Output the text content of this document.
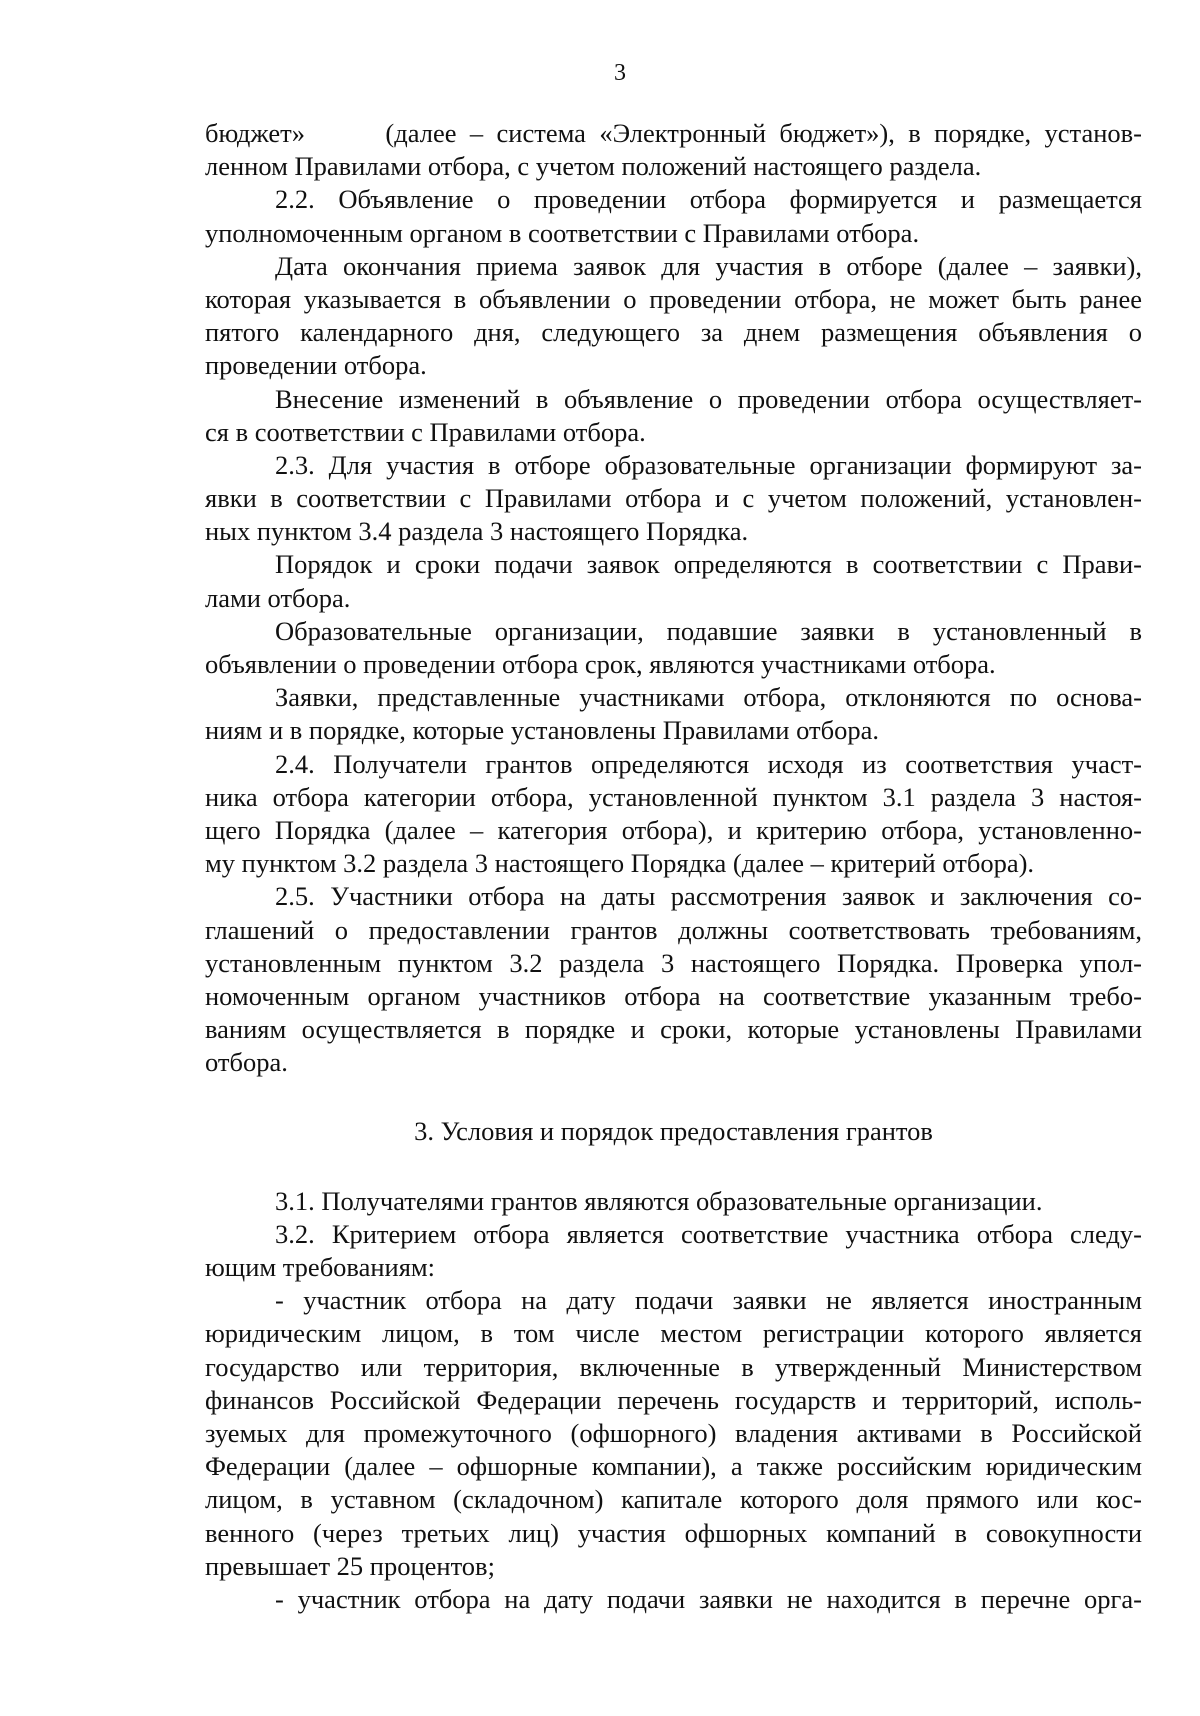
3
бюджет»      (далее – система «Электронный бюджет»), в порядке, установ-
ленном Правилами отбора, с учетом положений настоящего раздела.
2.2. Объявление о проведении отбора формируется и размещается
уполномоченным органом в соответствии с Правилами отбора.
Дата окончания приема заявок для участия в отборе (далее – заявки),
которая указывается в объявлении о проведении отбора, не может быть ранее
пятого календарного дня, следующего за днем размещения объявления о
проведении отбора.
Внесение изменений в объявление о проведении отбора осуществляет-
ся в соответствии с Правилами отбора.
2.3. Для участия в отборе образовательные организации формируют за-
явки в соответствии с Правилами отбора и с учетом положений, установлен-
ных пунктом 3.4 раздела 3 настоящего Порядка.
Порядок и сроки подачи заявок определяются в соответствии с Прави-
лами отбора.
Образовательные организации, подавшие заявки в установленный в
объявлении о проведении отбора срок, являются участниками отбора.
Заявки, представленные участниками отбора, отклоняются по основа-
ниям и в порядке, которые установлены Правилами отбора.
2.4. Получатели грантов определяются исходя из соответствия участ-
ника отбора категории отбора, установленной пунктом 3.1 раздела 3 настоя-
щего Порядка (далее – категория отбора), и критерию отбора, установленно-
му пунктом 3.2 раздела 3 настоящего Порядка (далее – критерий отбора).
2.5. Участники отбора на даты рассмотрения заявок и заключения со-
глашений о предоставлении грантов должны соответствовать требованиям,
установленным пунктом 3.2 раздела 3 настоящего Порядка. Проверка упол-
номоченным органом участников отбора на соответствие указанным требо-
ваниям осуществляется в порядке и сроки, которые установлены Правилами
отбора.
3. Условия и порядок предоставления грантов
3.1. Получателями грантов являются образовательные организации.
3.2. Критерием отбора является соответствие участника отбора следу-
ющим требованиям:
- участник отбора на дату подачи заявки не является иностранным
юридическим лицом, в том числе местом регистрации которого является
государство или территория, включенные в утвержденный Министерством
финансов Российской Федерации перечень государств и территорий, исполь-
зуемых для промежуточного (офшорного) владения активами в Российской
Федерации (далее – офшорные компании), а также российским юридическим
лицом, в уставном (складочном) капитале которого доля прямого или кос-
венного (через третьих лиц) участия офшорных компаний в совокупности
превышает 25 процентов;
- участник отбора на дату подачи заявки не находится в перечне орга-
